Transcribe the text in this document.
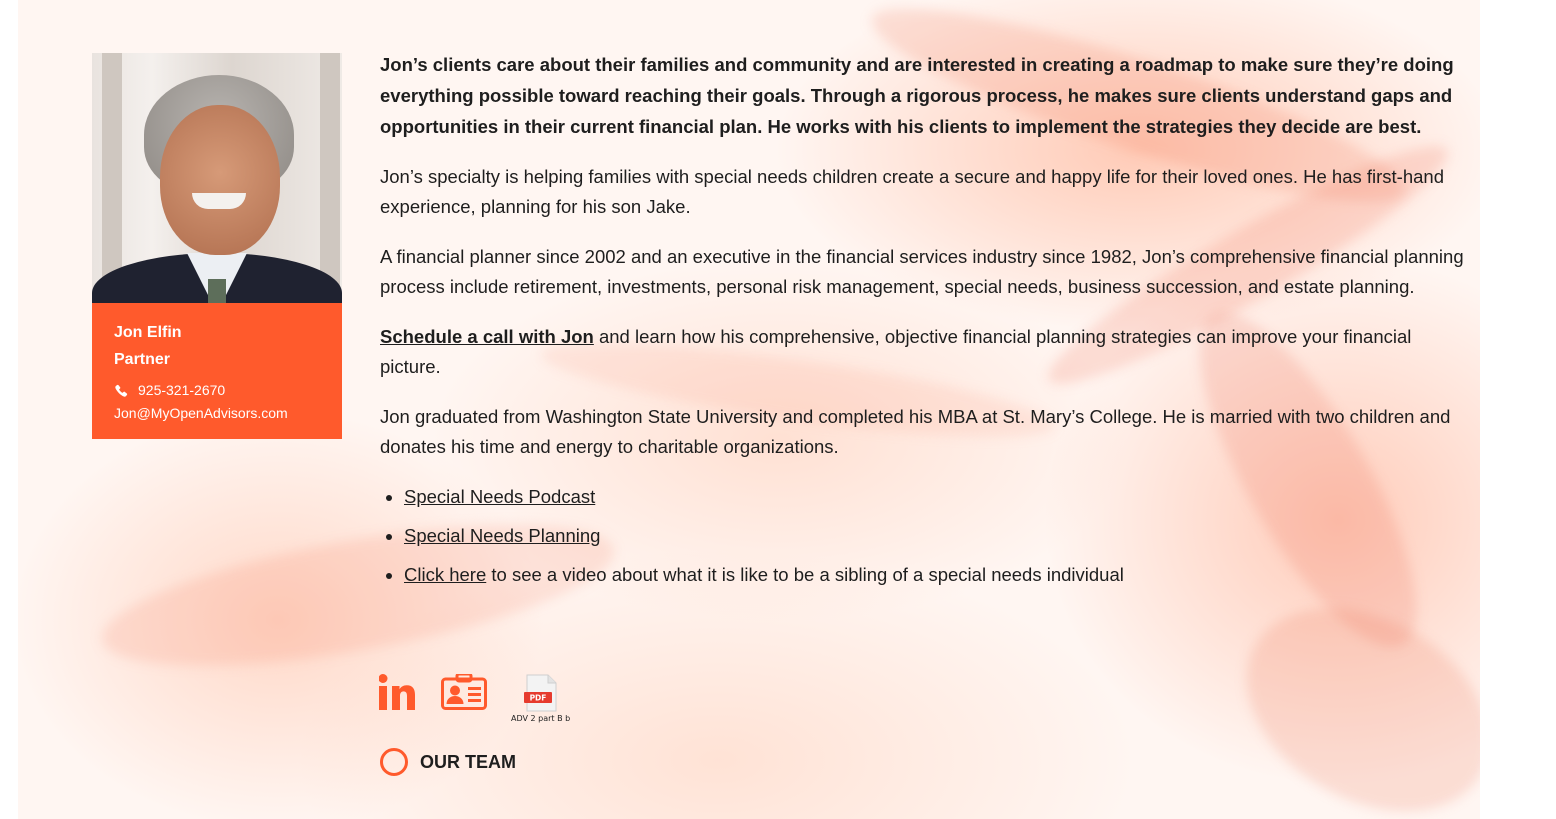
Jon Elfin
Partner
925-321-2670
Jon@MyOpenAdvisors.com

Jon’s clients care about their families and community and are interested in creating a roadmap to make sure they’re doing everything possible toward reaching their goals. Through a rigorous process, he makes sure clients understand gaps and opportunities in their current financial plan. He works with his clients to implement the strategies they decide are best.

Jon’s specialty is helping families with special needs children create a secure and happy life for their loved ones. He has first-hand experience, planning for his son Jake.

A financial planner since 2002 and an executive in the financial services industry since 1982, Jon’s comprehensive financial planning process include retirement, investments, personal risk management, special needs, business succession, and estate planning.

Schedule a call with Jon and learn how his comprehensive, objective financial planning strategies can improve your financial picture.

Jon graduated from Washington State University and completed his MBA at St. Mary’s College. He is married with two children and donates his time and energy to charitable organizations.

• Special Needs Podcast
• Special Needs Planning
• Click here to see a video about what it is like to be a sibling of a special needs individual
PDF
ADV 2 part B b
OUR TEAM
